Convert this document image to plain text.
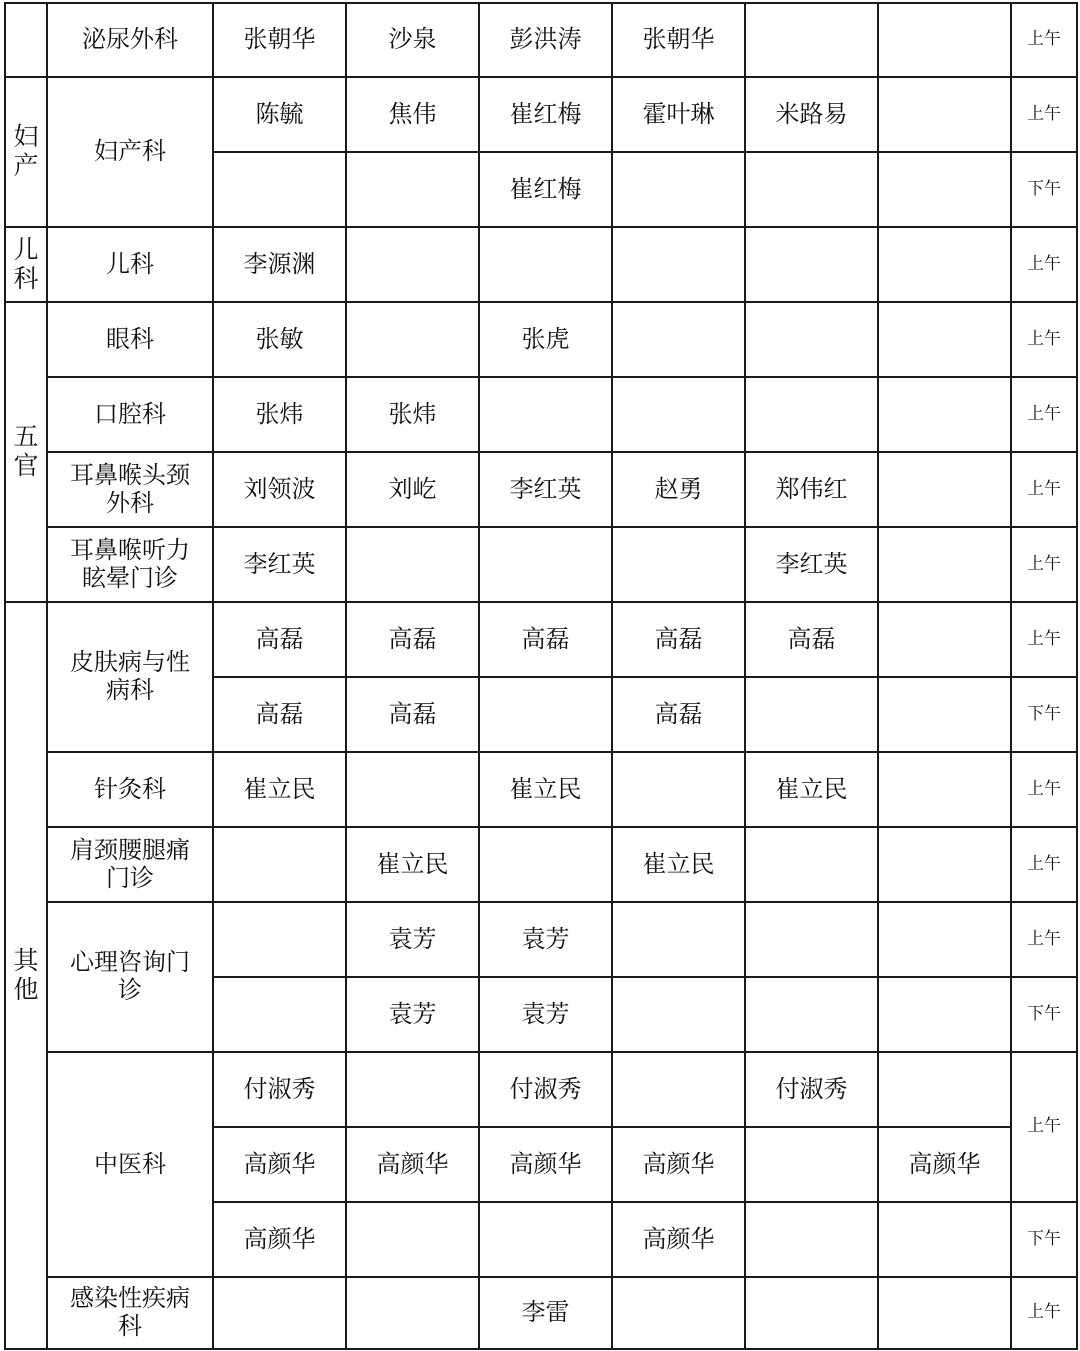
	泌尿外科	张朝华	沙泉	彭洪涛	张朝华			上午

妇
产	妇产科	陈毓	焦伟	崔红梅	霍叶琳	米路易		上午
				崔红梅				下午

儿
科	儿科	李源渊						上午

五
官	眼科	张敏		张虎				上午
	口腔科	张炜	张炜					上午

	耳鼻喉头颈
外科	刘领波	刘屹	李红英	赵勇	郑伟红		上午

	耳鼻喉听力
眩晕门诊	李红英				李红英		上午

其
他	皮肤病与性
病科	高磊	高磊	高磊	高磊	高磊		上午
		高磊	高磊		高磊			下午
	针灸科	崔立民		崔立民		崔立民		上午

	肩颈腰腿痛
门诊		崔立民		崔立民			上午

	心理咨询门
诊		袁芳	袁芳				上午
			袁芳	袁芳				下午
	中医科	付淑秀		付淑秀		付淑秀		上午
		高颜华	高颜华	高颜华	高颜华		高颜华	
		高颜华			高颜华			下午

	感染性疾病
科			李雷				上午
